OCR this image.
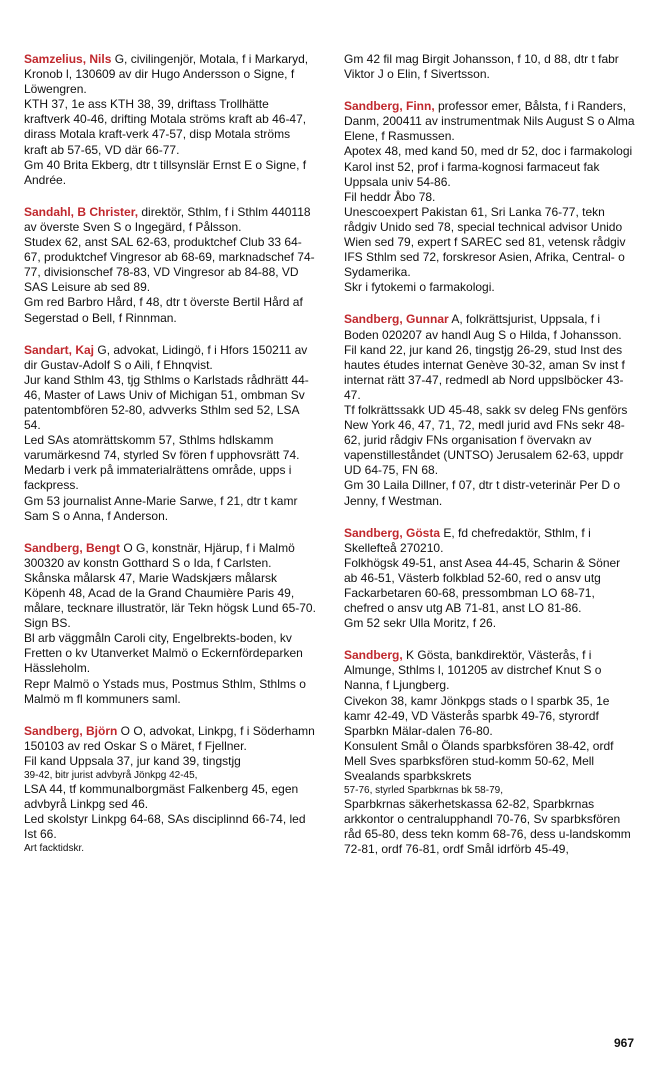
Samzelius, Nils G, civilingenjör, Motala, f i Markaryd, Kronob l, 130609 av dir Hugo Andersson o Signe, f Löwengren.

KTH 37, 1e ass KTH 38, 39, driftass Trollhätte kraftverk 40-46, drifting Motala ströms kraft ab 46-47, dirass Motala kraft-verk 47-57, disp Motala ströms kraft ab 57-65, VD där 66-77.

Gm 40 Brita Ekberg, dtr t tillsynslär Ernst E o Signe, f Andrée.

Sandahl, B Christer, direktör, Sthlm, f i Sthlm 440118 av överste Sven S o Ingegärd, f Pålsson.

Studex 62, anst SAL 62-63, produktchef Club 33 64-67, produktchef Vingresor ab 68-69, marknadschef 74-77, divisionschef 78-83, VD Vingresor ab 84-88, VD SAS Leisure ab sed 89.

Gm red Barbro Hård, f 48, dtr t överste Bertil Hård af Segerstad o Bell, f Rinnman.

Sandart, Kaj G, advokat, Lidingö, f i Hfors 150211 av dir Gustav-Adolf S o Aili, f Ehnqvist.

Jur kand Sthlm 43, tjg Sthlms o Karlstads rådhrätt 44-46, Master of Laws Univ of Michigan 51, ombman Sv patentombfören 52-80, advverks Sthlm sed 52, LSA 54.

Led SAs atomrättskomm 57, Sthlms hdlskamm varumärkesnd 74, styrled Sv fören f upphovsrätt 74.

Medarb i verk på immaterialrättens område, upps i fackpress.

Gm 53 journalist Anne-Marie Sarwe, f 21, dtr t kamr Sam S o Anna, f Anderson.

Sandberg, Bengt O G, konstnär, Hjärup, f i Malmö 300320 av konstn Gotthard S o Ida, f Carlsten.

Skånska målarsk 47, Marie Wadskjærs målarsk Köpenh 48, Acad de la Grand Chaumière Paris 49, målare, tecknare illustratör, lär Tekn högsk Lund 65-70.

Sign BS.

Bl arb väggmåln Caroli city, Engelbrekts-boden, kv Fretten o kv Utanverket Malmö o Eckernfördeparken Hässleholm.

Repr Malmö o Ystads mus, Postmus Sthlm, Sthlms o Malmö m fl kommuners saml.

Sandberg, Björn O O, advokat, Linkpg, f i Söderhamn 150103 av red Oskar S o Märet, f Fjellner.

Fil kand Uppsala 37, jur kand 39, tingstjg

39-42, bitr jurist advbyrå Jönkpg 42-45,

LSA 44, tf kommunalborgmäst Falkenberg 45, egen advbyrå Linkpg sed 46.

Led skolstyr Linkpg 64-68, SAs disciplinnd 66-74, led Ist 66.

Art facktidskr.

Gm 42 fil mag Birgit Johansson, f 10, d 88, dtr t fabr Viktor J o Elin, f Sivertsson.

Sandberg, Finn, professor emer, Bålsta, f i Randers, Danm, 200411 av instrumentmak Nils August S o Alma Elene, f Rasmussen.

Apotex 48, med kand 50, med dr 52, doc i farmakologi Karol inst 52, prof i farma-kognosi farmaceut fak Uppsala univ 54-86.

Fil heddr Åbo 78.

Unescoexpert Pakistan 61, Sri Lanka 76-77, tekn rådgiv Unido sed 78, special technical advisor Unido Wien sed 79, expert f SAREC sed 81, vetensk rådgiv IFS Sthlm sed 72, forskresor Asien, Afrika, Central- o Sydamerika.

Skr i fytokemi o farmakologi.

Sandberg, Gunnar A, folkrättsjurist, Uppsala, f i Boden 020207 av handl Aug S o Hilda, f Johansson.

Fil kand 22, jur kand 26, tingstjg 26-29, stud Inst des hautes études internat Genève 30-32, aman Sv inst f internat rätt 37-47, redmedl ab Nord uppslböcker 43-47.

Tf folkrättssakk UD 45-48, sakk sv deleg FNs genförs New York 46, 47, 71, 72, medl jurid avd FNs sekr 48-62, jurid rådgiv FNs organisation f övervakn av vapenstilleståndet (UNTSO) Jerusalem 62-63, uppdr UD 64-75, FN 68.

Gm 30 Laila Dillner, f 07, dtr t distr-veterinär Per D o Jenny, f Westman.

Sandberg, Gösta E, fd chefredaktör, Sthlm, f i Skellefteå 270210.

Folkhögsk 49-51, anst Asea 44-45, Scharin & Söner ab 46-51, Västerb folkblad 52-60, red o ansv utg Fackarbetaren 60-68, pressombman LO 68-71, chefred o ansv utg AB 71-81, anst LO 81-86.

Gm 52 sekr Ulla Moritz, f 26.

Sandberg, K Gösta, bankdirektör, Västerås, f i Almunge, Sthlms l, 101205 av distrchef Knut S o Nanna, f Ljungberg.

Civekon 38, kamr Jönkpgs stads o l sparbk 35, 1e kamr 42-49, VD Västerås sparbk 49-76, styrordf Sparbkn Mälar-dalen 76-80.

Konsulent Smål o Ölands sparbksfören 38-42, ordf Mell Sves sparbksfören stud-komm 50-62, Mell Svealands sparbkskrets

57-76, styrled Sparbkrnas bk 58-79,

Sparbkrnas säkerhetskassa 62-82, Sparbkrnas arkkontor o centralupphandl 70-76, Sv sparbksfören råd 65-80, dess tekn komm 68-76, dess u-landskomm 72-81, ordf 76-81, ordf Smål idrförb 45-49,

967
